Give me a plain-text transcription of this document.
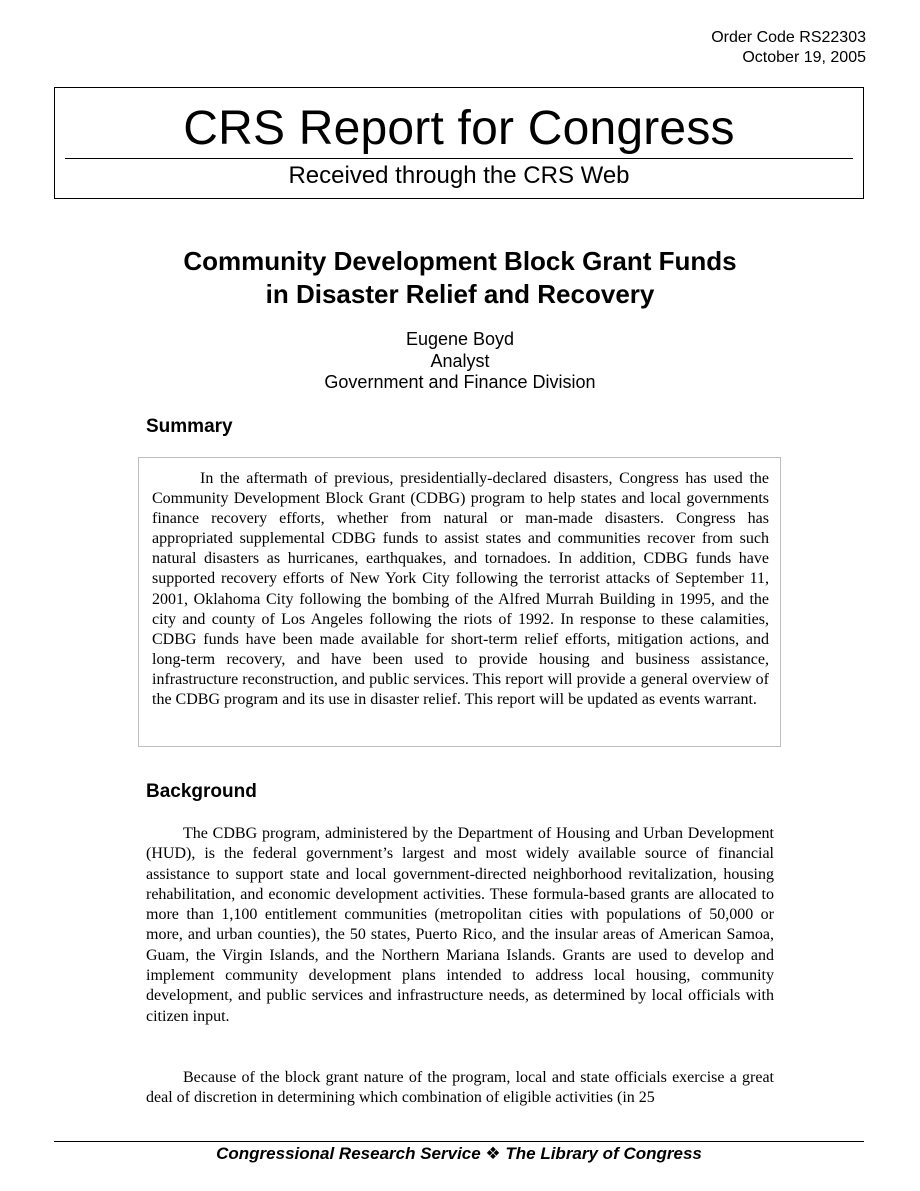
Order Code RS22303
October 19, 2005
CRS Report for Congress
Received through the CRS Web
Community Development Block Grant Funds
in Disaster Relief and Recovery
Eugene Boyd
Analyst
Government and Finance Division
Summary
In the aftermath of previous, presidentially-declared disasters, Congress has used the Community Development Block Grant (CDBG) program to help states and local governments finance recovery efforts, whether from natural or man-made disasters. Congress has appropriated supplemental CDBG funds to assist states and communities recover from such natural disasters as hurricanes, earthquakes, and tornadoes. In addition, CDBG funds have supported recovery efforts of New York City following the terrorist attacks of September 11, 2001, Oklahoma City following the bombing of the Alfred Murrah Building in 1995, and the city and county of Los Angeles following the riots of 1992. In response to these calamities, CDBG funds have been made available for short-term relief efforts, mitigation actions, and long-term recovery, and have been used to provide housing and business assistance, infrastructure reconstruction, and public services. This report will provide a general overview of the CDBG program and its use in disaster relief. This report will be updated as events warrant.
Background
The CDBG program, administered by the Department of Housing and Urban Development (HUD), is the federal government’s largest and most widely available source of financial assistance to support state and local government-directed neighborhood revitalization, housing rehabilitation, and economic development activities. These formula-based grants are allocated to more than 1,100 entitlement communities (metropolitan cities with populations of 50,000 or more, and urban counties), the 50 states, Puerto Rico, and the insular areas of American Samoa, Guam, the Virgin Islands, and the Northern Mariana Islands. Grants are used to develop and implement community development plans intended to address local housing, community development, and public services and infrastructure needs, as determined by local officials with citizen input.
Because of the block grant nature of the program, local and state officials exercise a great deal of discretion in determining which combination of eligible activities (in 25
Congressional Research Service ❖ The Library of Congress
